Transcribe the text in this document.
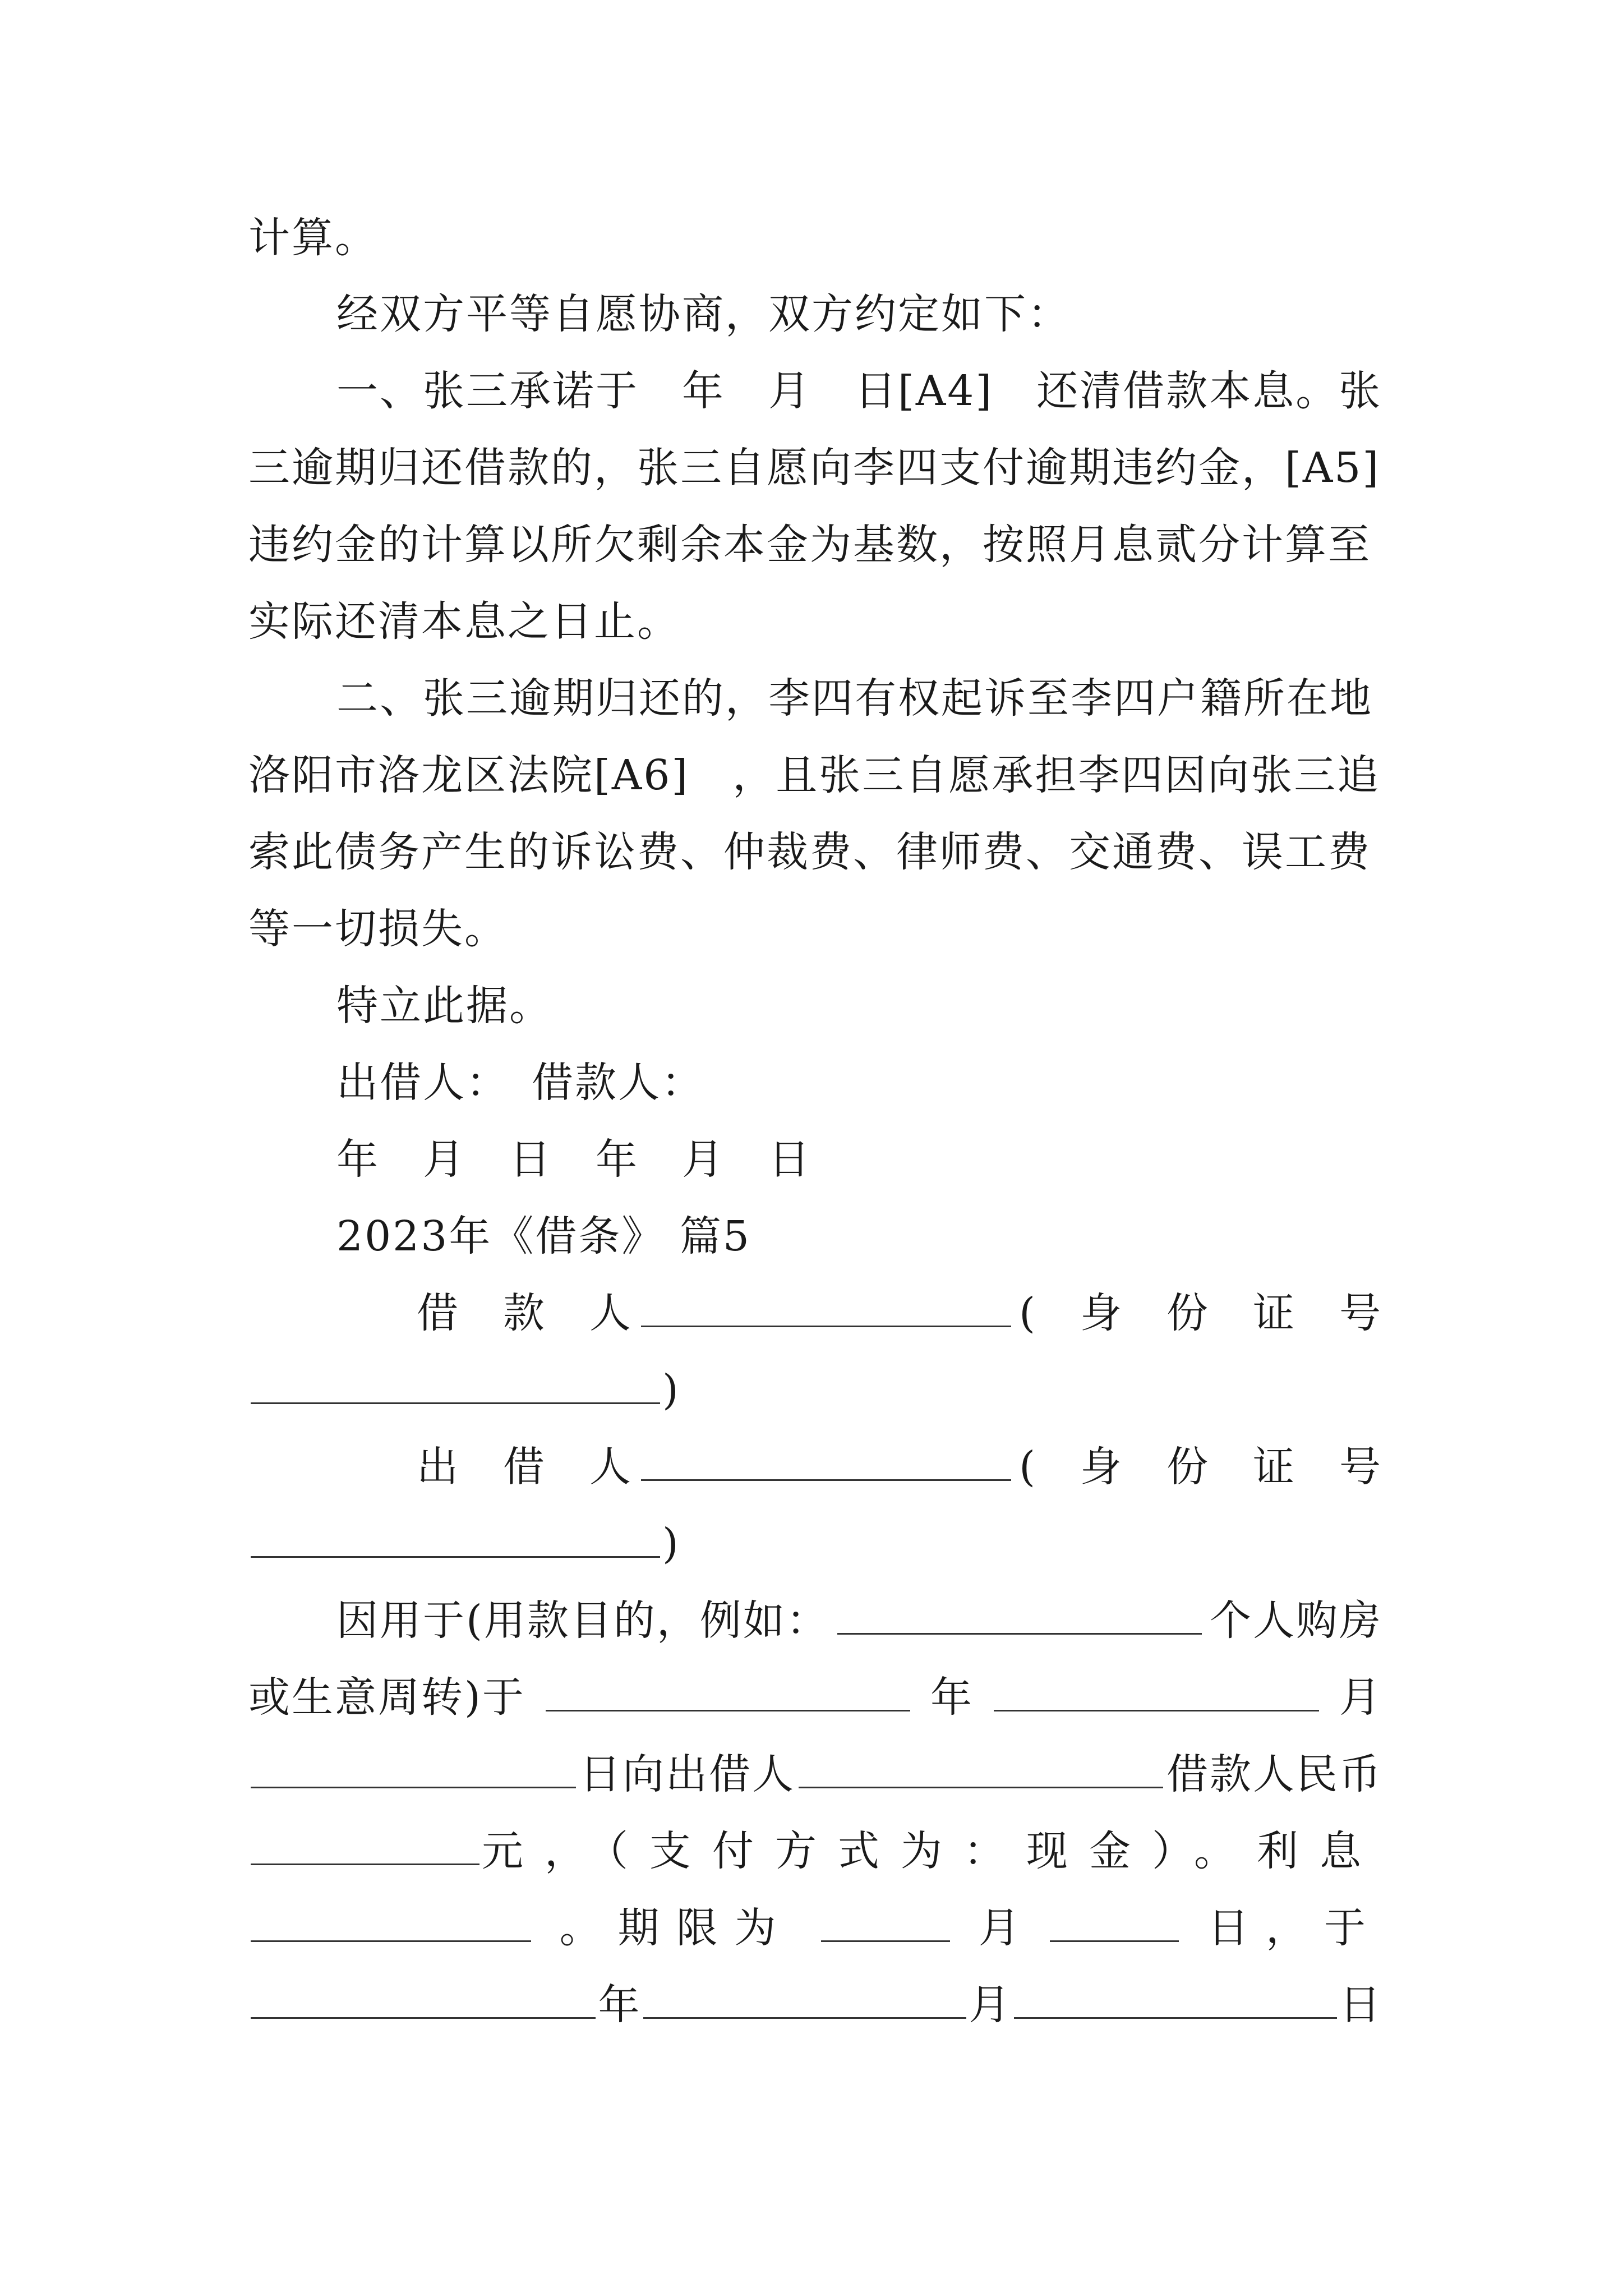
计算。
经双方平等自愿协商，双方约定如下：
一、张三承诺于　年　月　日[A4]　还清借款本息。张
三逾期归还借款的，张三自愿向李四支付逾期违约金，[A5]
违约金的计算以所欠剩余本金为基数，按照月息贰分计算至
实际还清本息之日止。
二、张三逾期归还的，李四有权起诉至李四户籍所在地
洛阳市洛龙区法院[A6]　，且张三自愿承担李四因向张三追
索此债务产生的诉讼费、仲裁费、律师费、交通费、误工费
等一切损失。
特立此据。
出借人：　借款人：
年　月　日　年　月　日
2023年《借条》 篇5
借　款　人	(　身　份　证　号
)
出　借　人	(　身　份　证　号
)
因用于(用款目的，例如：	个人购房
或生意周转)于	年	月
日向出借人	借款人民币
元，（支付方式为：现金）。利息
。期限为	月	日，于
年	月	日
